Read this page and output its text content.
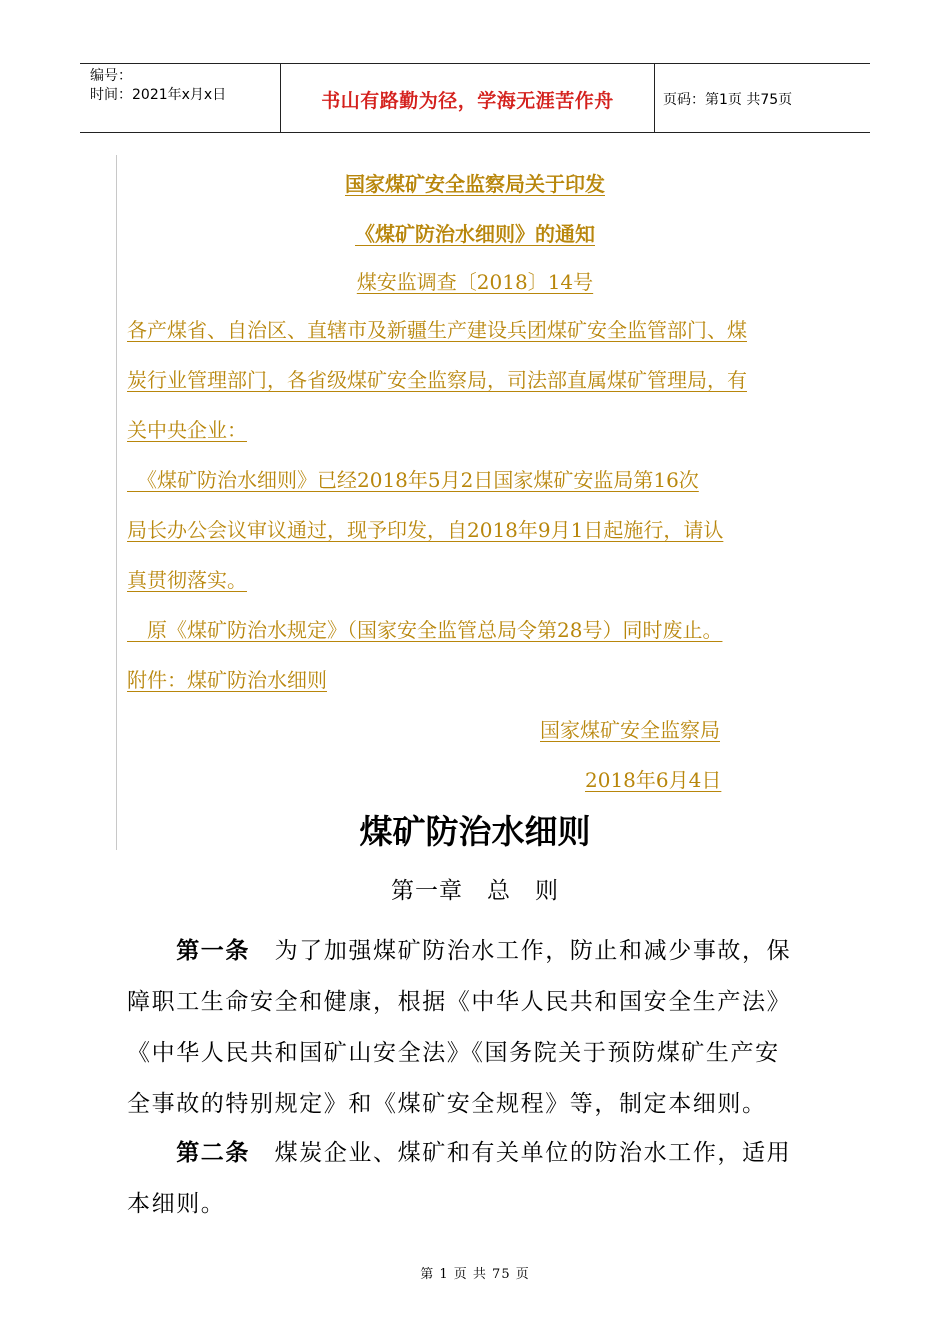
编号：
时间：2021年x月x日	书山有路勤为径，学海无涯苦作舟	页码：第1页 共75页
国家煤矿安全监察局关于印发
《煤矿防治水细则》的通知
煤安监调查〔2018〕14号
各产煤省、自治区、直辖市及新疆生产建设兵团煤矿安全监管部门、煤
炭行业管理部门，各省级煤矿安全监察局，司法部直属煤矿管理局，有
关中央企业：
　《煤矿防治水细则》已经2018年5月2日国家煤矿安监局第16次
局长办公会议审议通过，现予印发，自2018年9月1日起施行，请认
真贯彻落实。
　原《煤矿防治水规定》（国家安全监管总局令第28号）同时废止。
附件：煤矿防治水细则
国家煤矿安全监察局
2018年6月4日
煤矿防治水细则
第一章　总　则
　　第一条　为了加强煤矿防治水工作，防止和减少事故，保
障职工生命安全和健康，根据《中华人民共和国安全生产法》
《中华人民共和国矿山安全法》《国务院关于预防煤矿生产安
全事故的特别规定》和《煤矿安全规程》等，制定本细则。
　　第二条　煤炭企业、煤矿和有关单位的防治水工作，适用
本细则。
第 1 页 共 75 页
